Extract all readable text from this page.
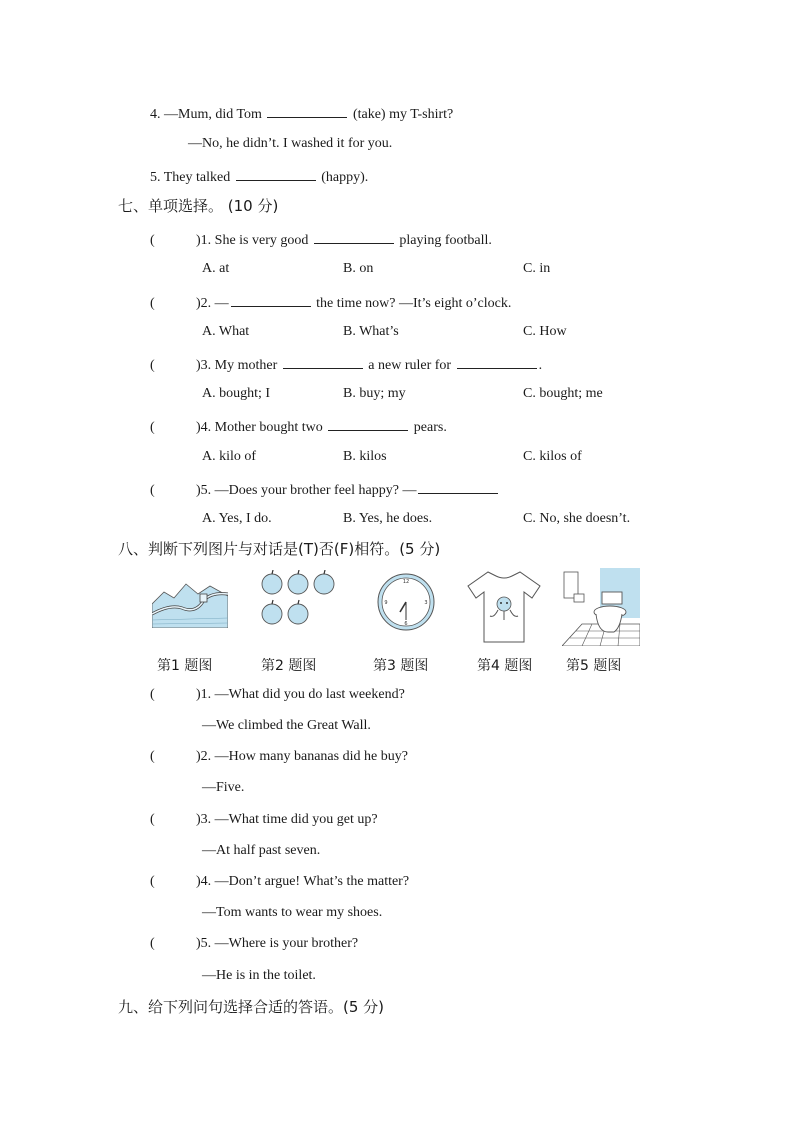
4. —Mum, did Tom	(take) my T-shirt?
—No, he didn’t. I washed it for you.
5. They talked	(happy).
七、单项选择。 (10 分)
(	)1. She is very good	playing football.
A. at	B. on	C. in
(	)2. —	the time now? —It’s eight o’clock.
A. What	B. What’s	C. How
(	)3. My mother	a new ruler for	.
A. bought; I	B. buy; my	C. bought; me
(	)4. Mother bought two	pears.
A. kilo of	B. kilos	C. kilos of
(	)5. —Does your brother feel happy? —
A. Yes, I do.	B. Yes, he does.	C. No, she doesn’t.
八、判断下列图片与对话是(T)否(F)相符。(5 分)
12
3
6
9
第1 题图	第2 题图	第3 题图	第4 题图 第5 题图
(	)1. —What did you do last weekend?
—We climbed the Great Wall.
(	)2. —How many bananas did he buy?
—Five.
(	)3. —What time did you get up?
—At half past seven.
(	)4. —Don’t argue! What’s the matter?
—Tom wants to wear my shoes.
(	)5. —Where is your brother?
—He is in the toilet.
九、给下列问句选择合适的答语。(5 分)
